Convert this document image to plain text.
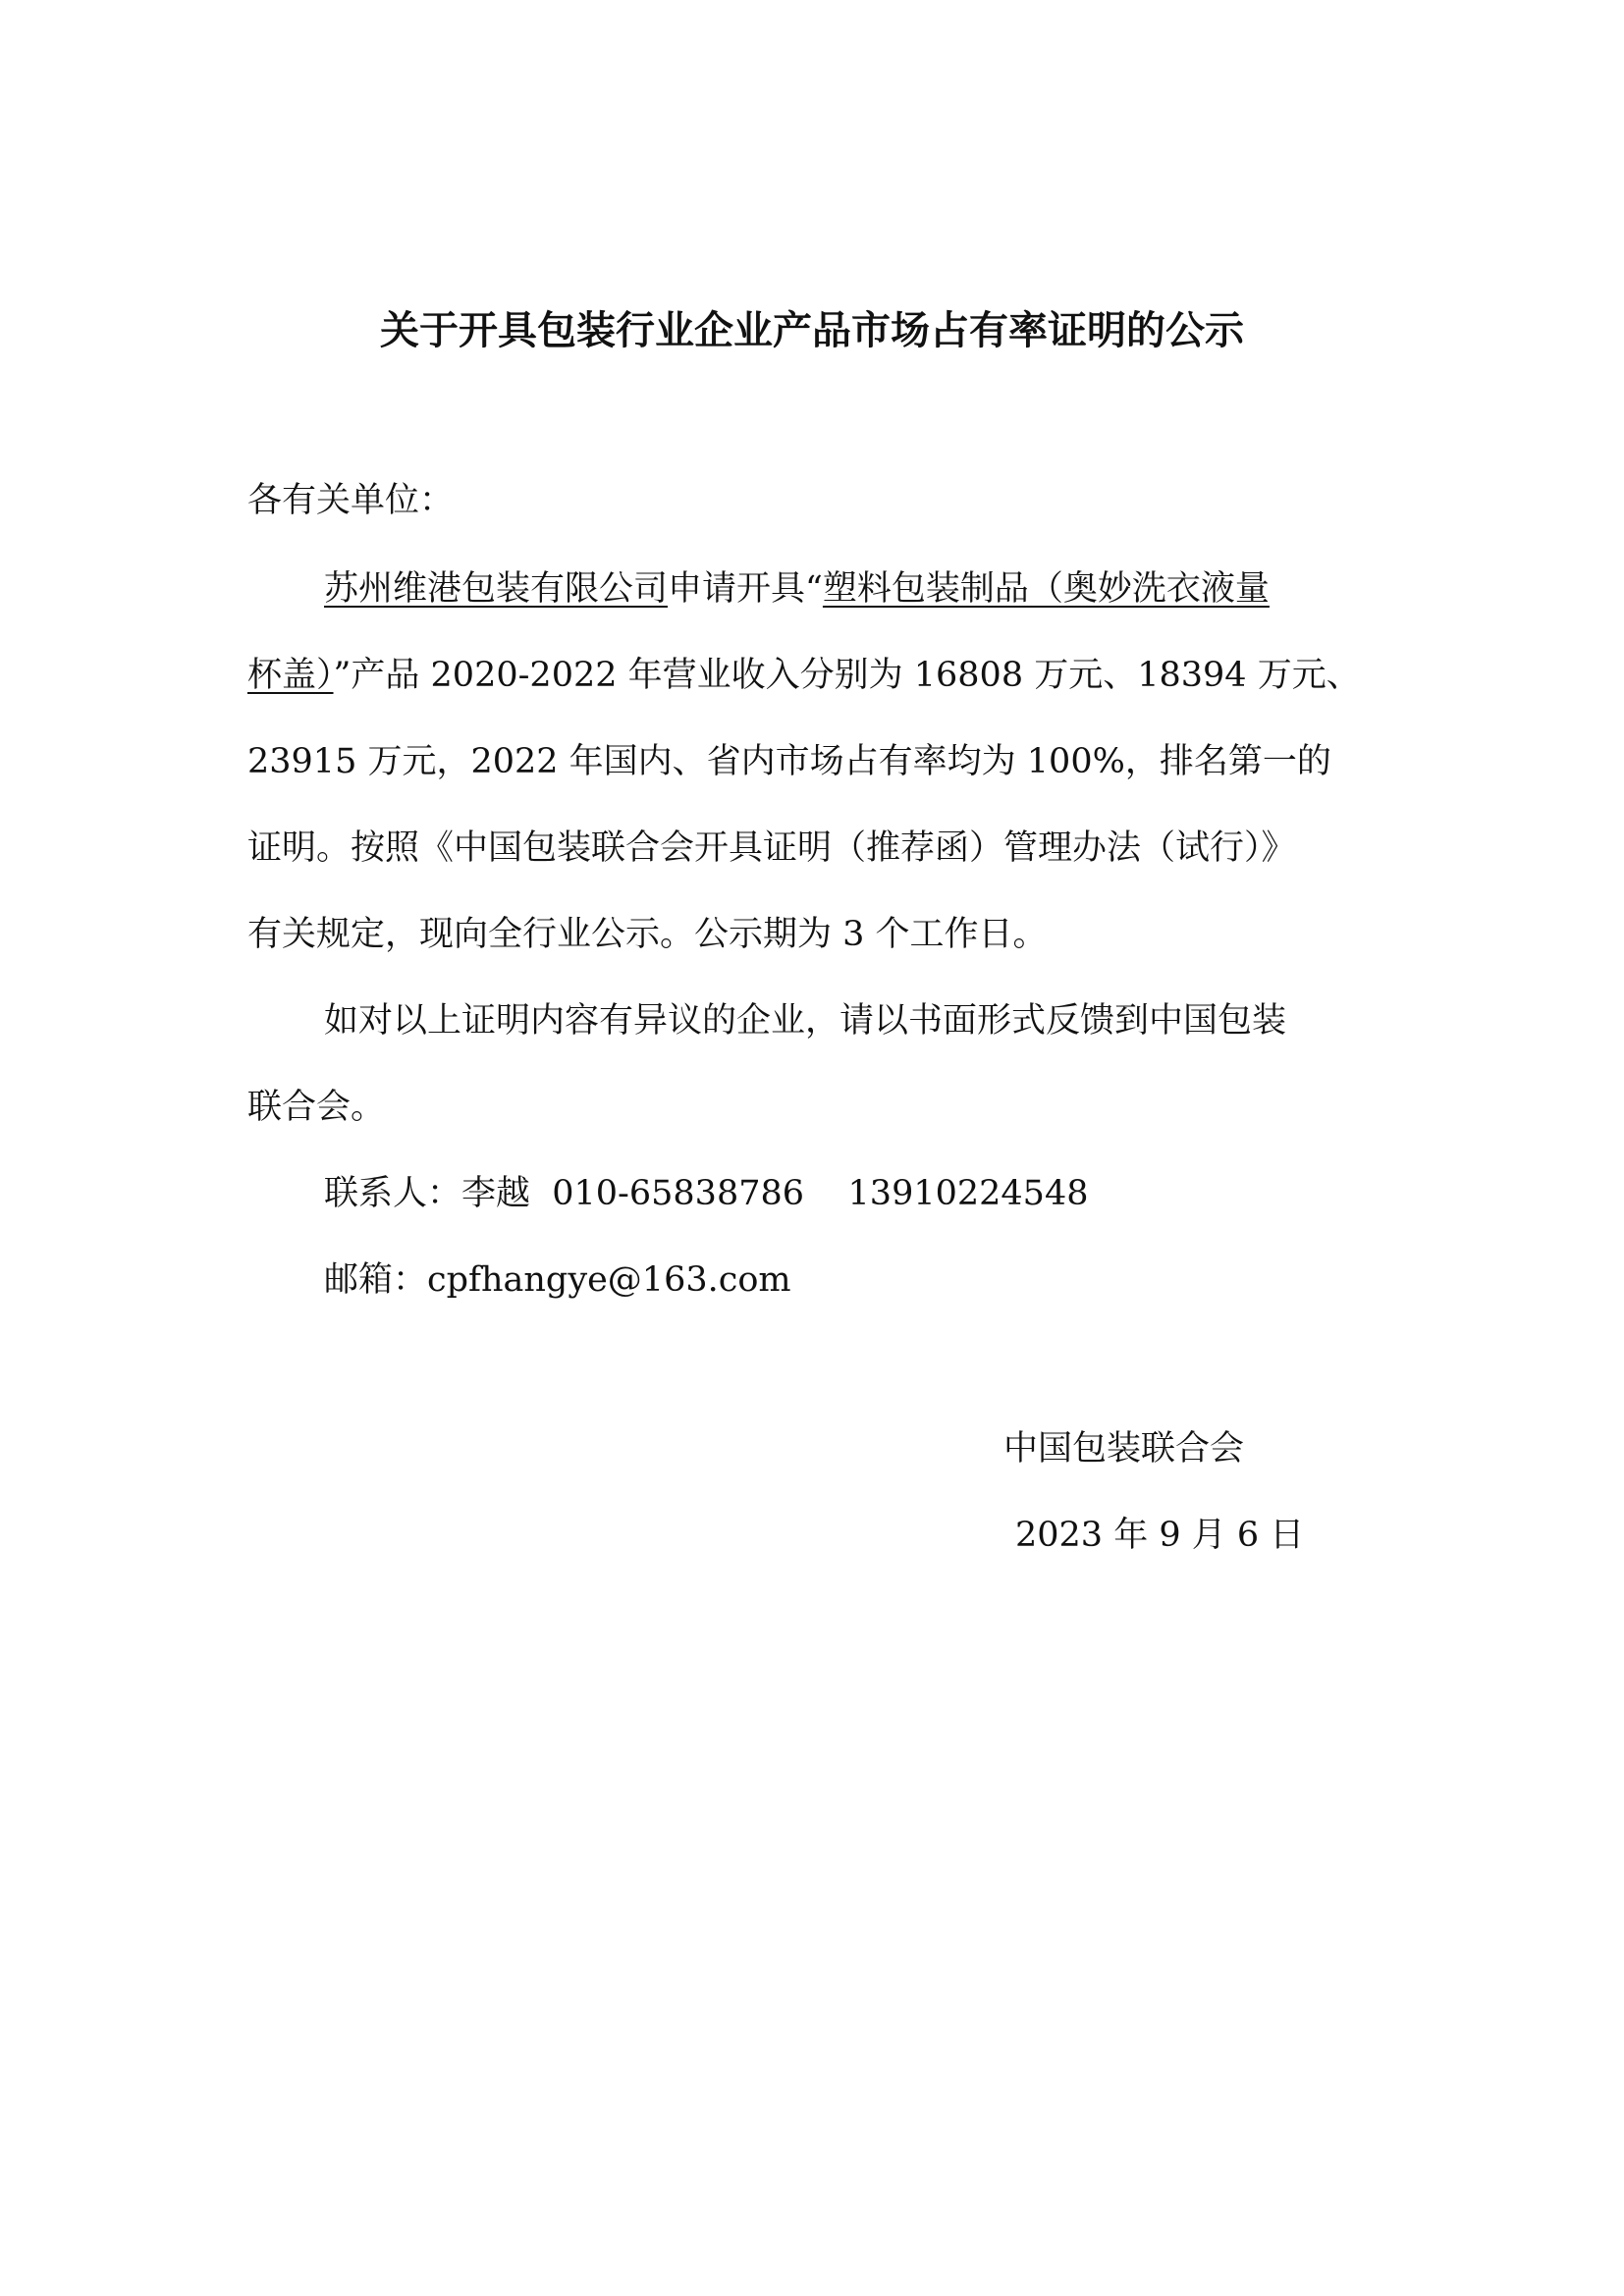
关于开具包装行业企业产品市场占有率证明的公示
各有关单位：
苏州维港包装有限公司申请开具“塑料包装制品（奥妙洗衣液量
杯盖）”产品 2020-2022 年营业收入分别为 16808 万元、18394 万元、
23915 万元，2022 年国内、省内市场占有率均为 100%，排名第一的
证明。按照《中国包装联合会开具证明（推荐函）管理办法（试行）》
有关规定，现向全行业公示。公示期为 3 个工作日。
如对以上证明内容有异议的企业，请以书面形式反馈到中国包装
联合会。
联系人：李越  010-65838786    13910224548
邮箱：cpfhangye@163.com
中国包装联合会
2023 年 9 月 6 日
